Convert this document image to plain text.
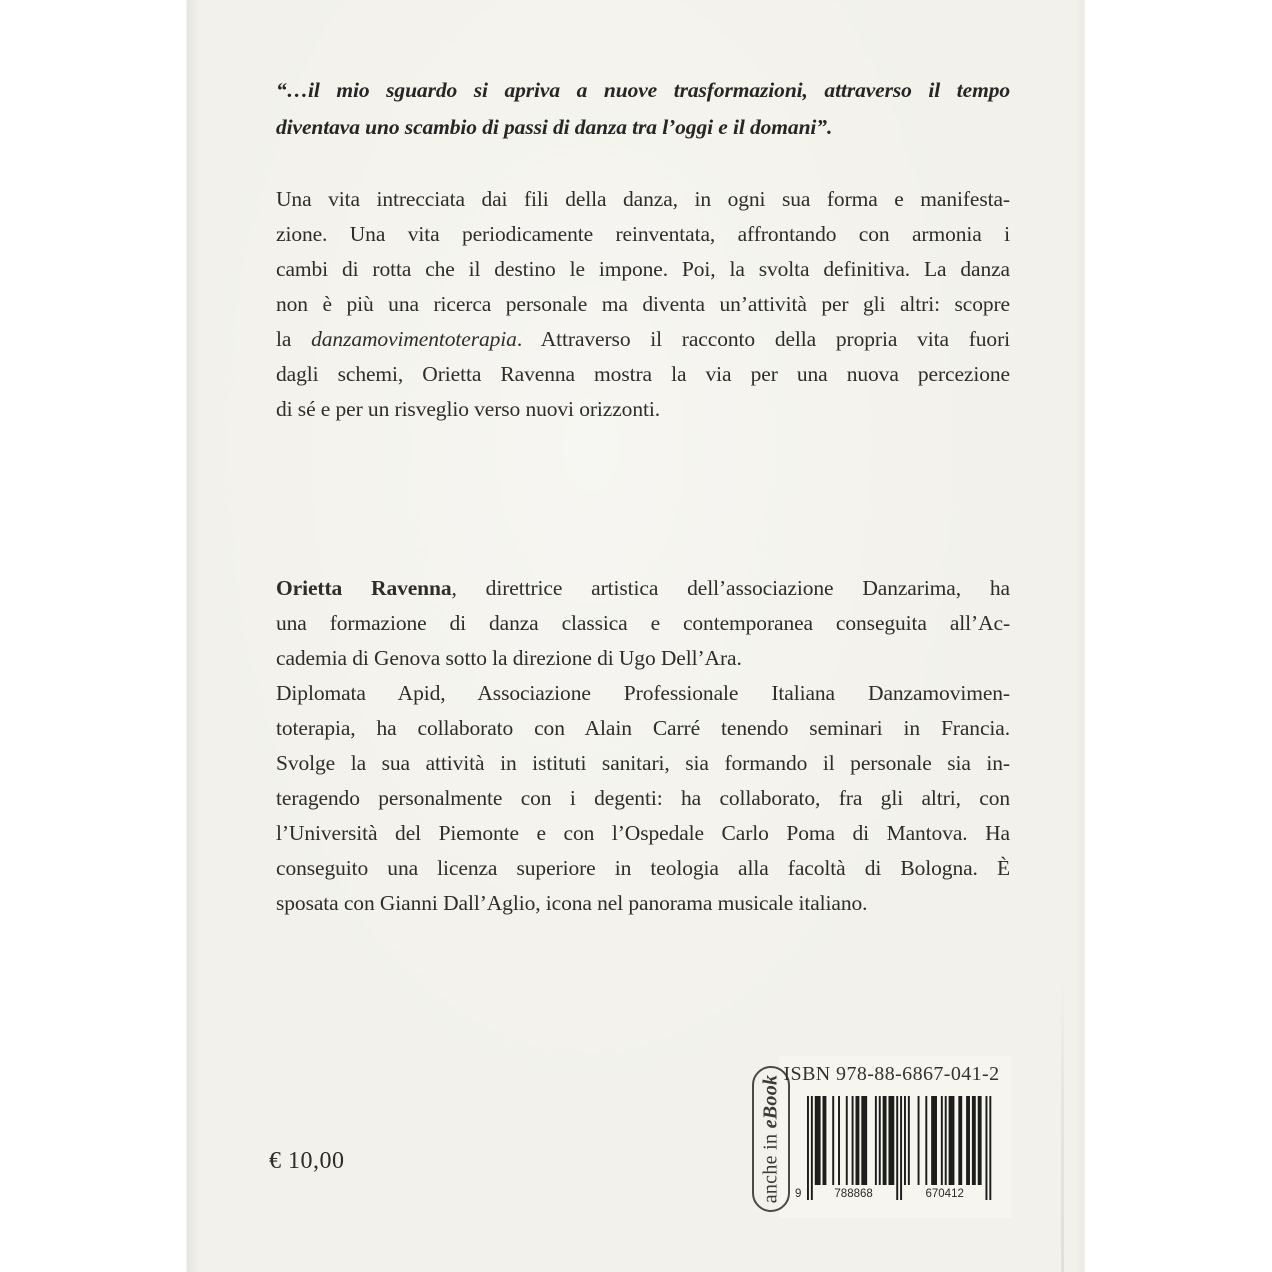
“…il mio sguardo si apriva a nuove trasformazioni, attraverso il tempo
diventava uno scambio di passi di danza tra l’oggi e il domani”.
Una vita intrecciata dai fili della danza, in ogni sua forma e manifesta-
zione. Una vita periodicamente reinventata, affrontando con armonia i
cambi di rotta che il destino le impone. Poi, la svolta definitiva. La danza
non è più una ricerca personale ma diventa un’attività per gli altri: scopre
la danzamovimentoterapia. Attraverso il racconto della propria vita fuori
dagli schemi, Orietta Ravenna mostra la via per una nuova percezione
di sé e per un risveglio verso nuovi orizzonti.
Orietta Ravenna, direttrice artistica dell’associazione Danzarima, ha
una formazione di danza classica e contemporanea conseguita all’Ac-
cademia di Genova sotto la direzione di Ugo Dell’Ara.
Diplomata Apid, Associazione Professionale Italiana Danzamovimen-
toterapia, ha collaborato con Alain Carré tenendo seminari in Francia.
Svolge la sua attività in istituti sanitari, sia formando il personale sia in-
teragendo personalmente con i degenti: ha collaborato, fra gli altri, con
l’Università del Piemonte e con l’Ospedale Carlo Poma di Mantova. Ha
conseguito una licenza superiore in teologia alla facoltà di Bologna. È
sposata con Gianni Dall’Aglio, icona nel panorama musicale italiano.
€ 10,00	anche in eBook
ISBN 978-88-6867-041-2
9	788868	670412
